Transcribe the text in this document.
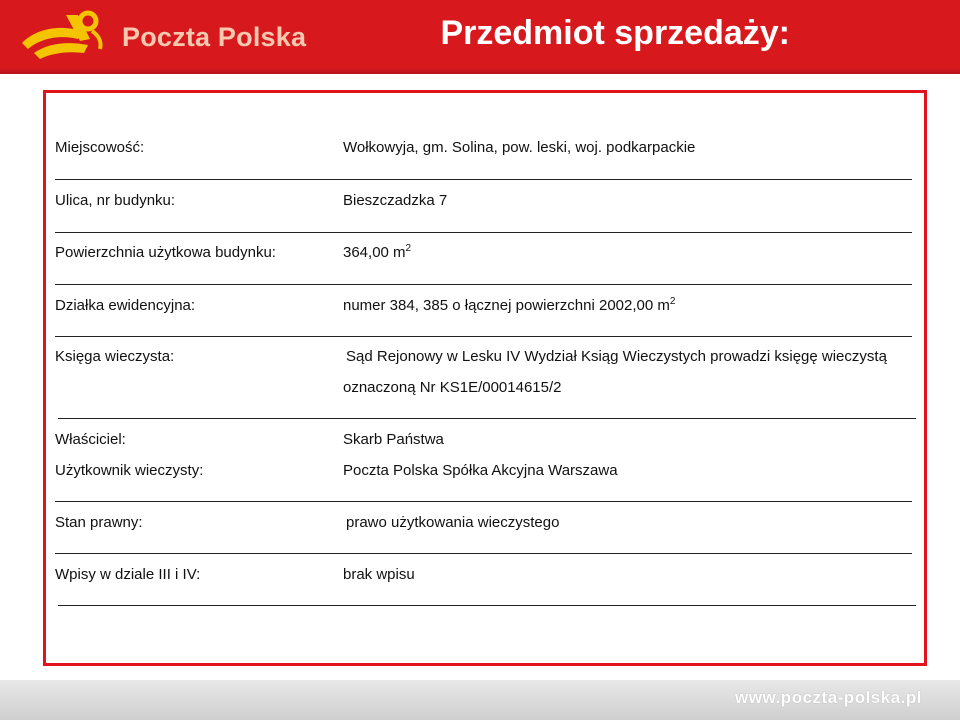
Poczta Polska	Przedmiot sprzedaży:
Miejscowość:	Wołkowyja, gm. Solina, pow. leski, woj. podkarpackie
Ulica, nr budynku:	Bieszczadzka 7
Powierzchnia użytkowa budynku:	364,00 $m^2$
Działka ewidencyjna:	numer 384, 385 o łącznej powierzchni 2002,00 $m^2$
Księga wieczysta:	Sąd Rejonowy w Lesku IV Wydział Ksiąg Wieczystych prowadzi księgę wieczystą
oznaczoną Nr KS1E/00014615/2
Właściciel:	Skarb Państwa
Użytkownik wieczysty:	Poczta Polska Spółka Akcyjna Warszawa
Stan prawny:	prawo użytkowania wieczystego
Wpisy w dziale III i IV:	brak wpisu
www.poczta-polska.pl
